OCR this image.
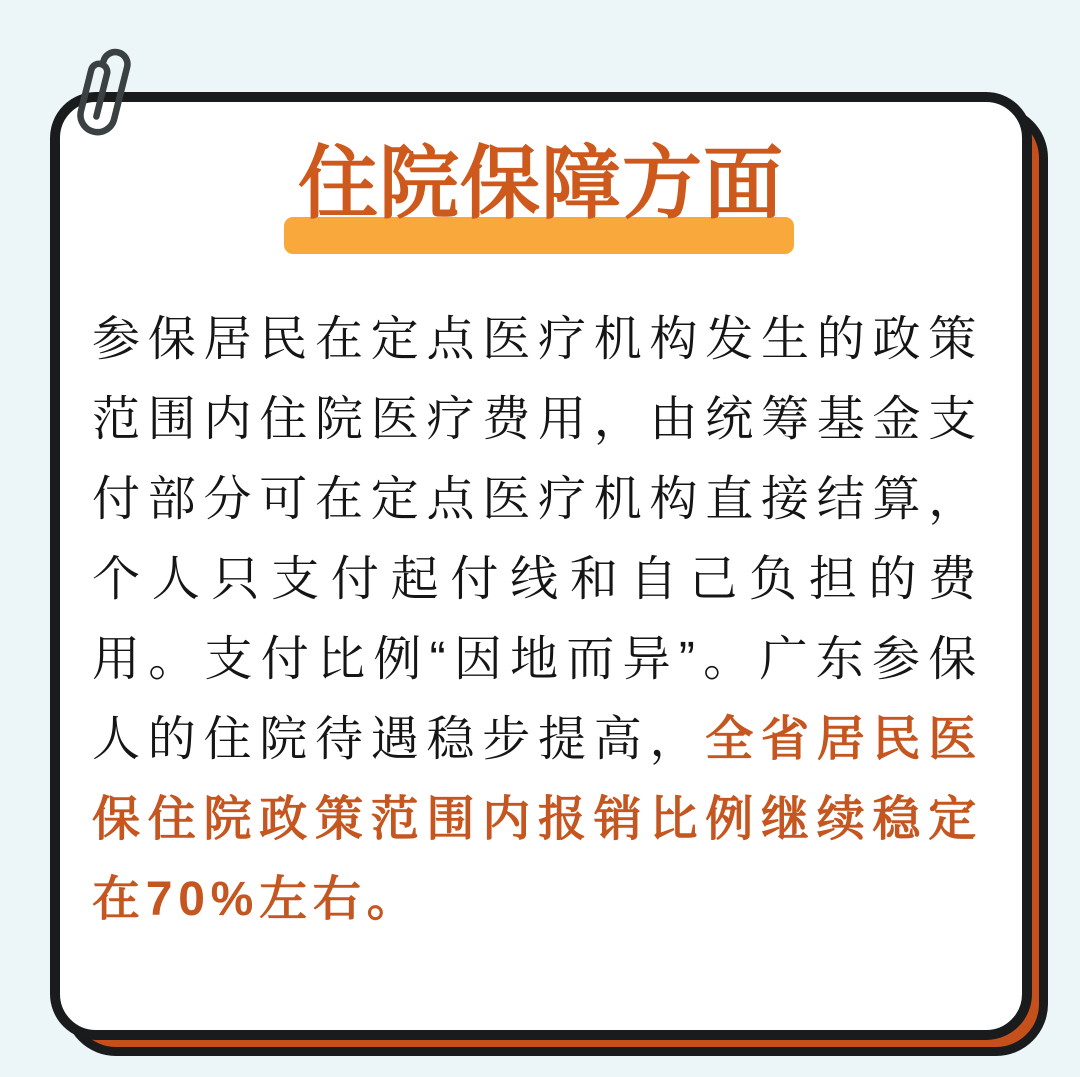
住院保障方面

参保居民在定点医疗机构发生的政策范围内住院医疗费用，由统筹基金支付部分可在定点医疗机构直接结算，个人只支付起付线和自己负担的费用。支付比例“因地而异”。广东参保人的住院待遇稳步提高，全省居民医保住院政策范围内报销比例继续稳定在70%左右。
